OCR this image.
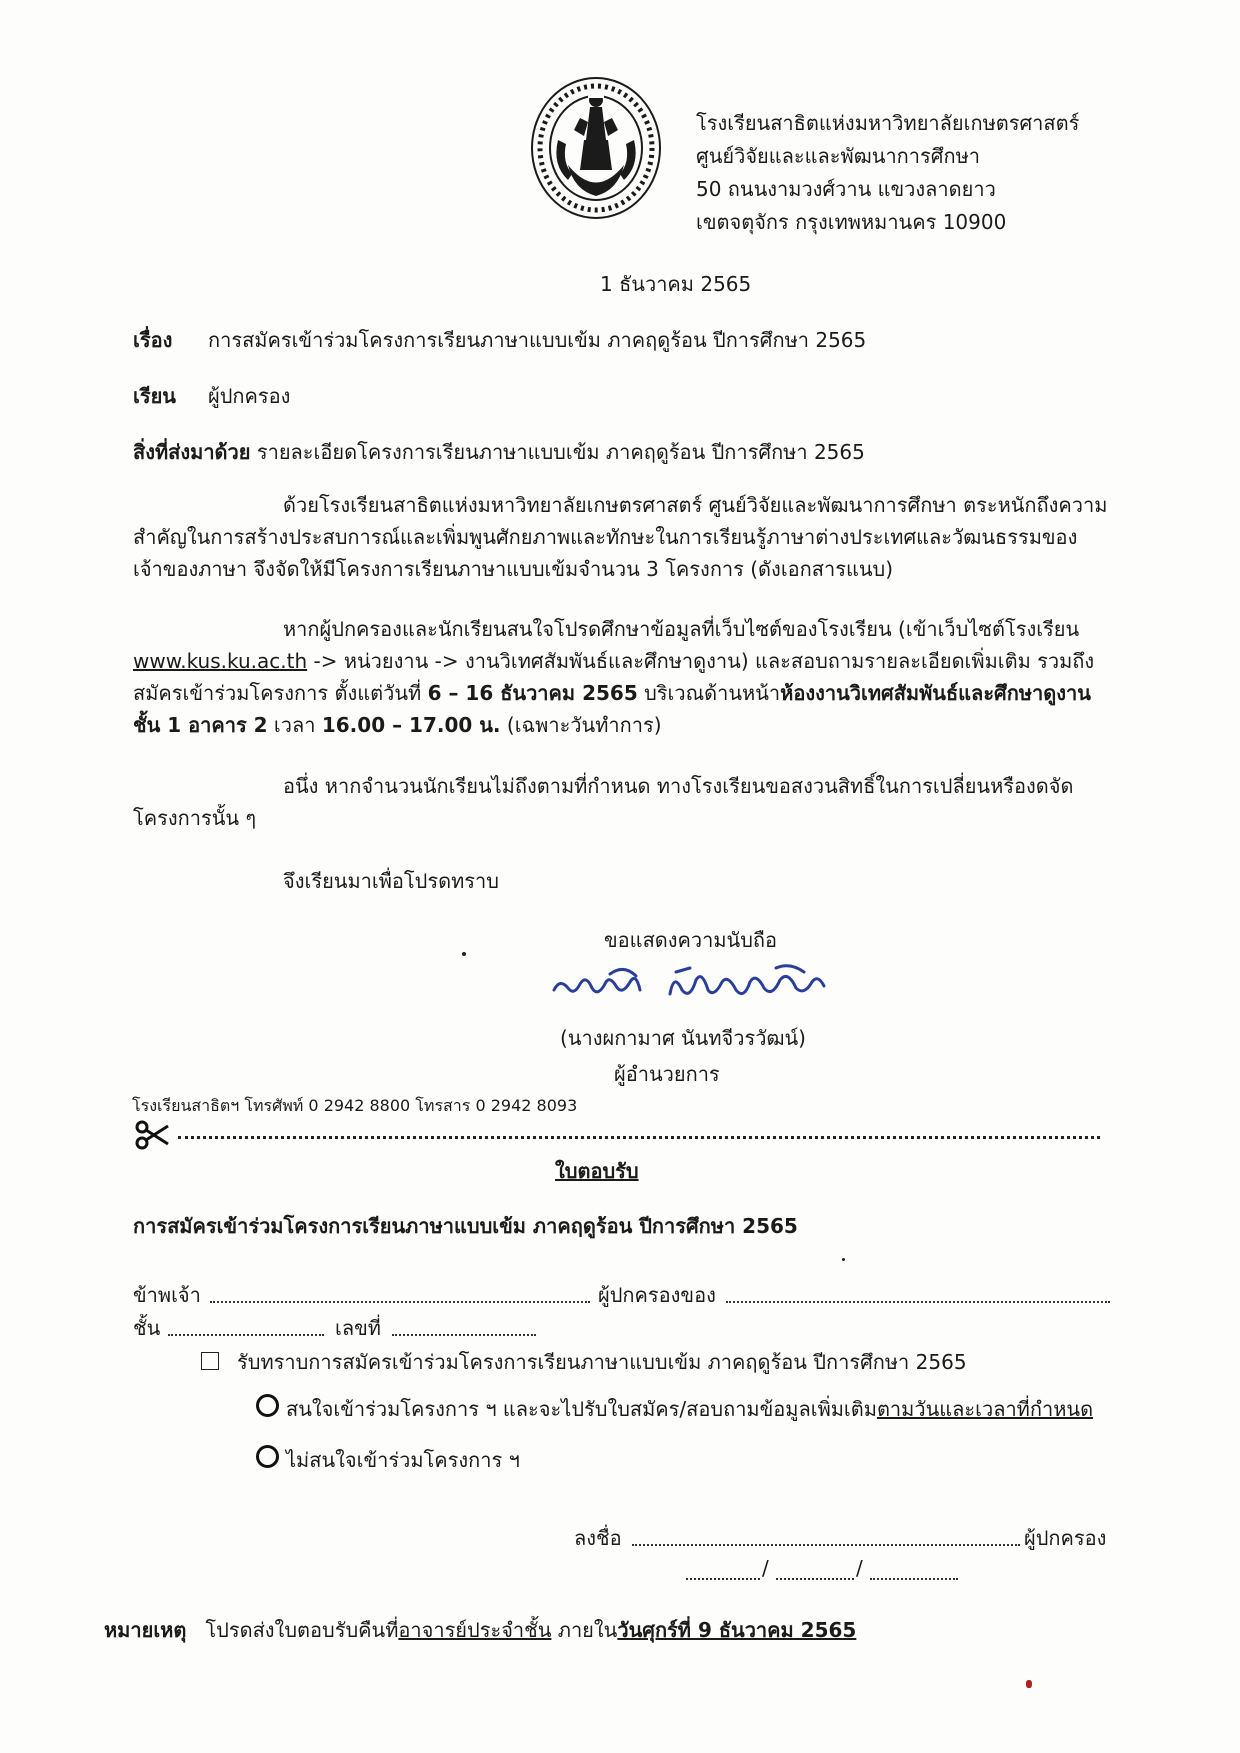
โรงเรียนสาธิตแห่งมหาวิทยาลัยเกษตรศาสตร์
ศูนย์วิจัยและและพัฒนาการศึกษา
50 ถนนงามวงศ์วาน แขวงลาดยาว
เขตจตุจักร กรุงเทพหมานคร 10900
1 ธันวาคม 2565
เรื่อง การสมัครเข้าร่วมโครงการเรียนภาษาแบบเข้ม ภาคฤดูร้อน ปีการศึกษา 2565
เรียน ผู้ปกครอง
สิ่งที่ส่งมาด้วย รายละเอียดโครงการเรียนภาษาแบบเข้ม ภาคฤดูร้อน ปีการศึกษา 2565
ด้วยโรงเรียนสาธิตแห่งมหาวิทยาลัยเกษตรศาสตร์ ศูนย์วิจัยและพัฒนาการศึกษา ตระหนักถึงความสำคัญในการสร้างประสบการณ์และเพิ่มพูนศักยภาพและทักษะในการเรียนรู้ภาษาต่างประเทศและวัฒนธรรมของเจ้าของภาษา จึงจัดให้มีโครงการเรียนภาษาแบบเข้มจำนวน 3 โครงการ (ดังเอกสารแนบ)
หากผู้ปกครองและนักเรียนสนใจโปรดศึกษาข้อมูลที่เว็บไซต์ของโรงเรียน (เข้าเว็บไซต์โรงเรียน www.kus.ku.ac.th -> หน่วยงาน -> งานวิเทศสัมพันธ์และศึกษาดูงาน) และสอบถามรายละเอียดเพิ่มเติม รวมถึงสมัครเข้าร่วมโครงการ ตั้งแต่วันที่ 6 – 16 ธันวาคม 2565 บริเวณด้านหน้าห้องงานวิเทศสัมพันธ์และศึกษาดูงาน ชั้น 1 อาคาร 2 เวลา 16.00 – 17.00 น. (เฉพาะวันทำการ)
อนึ่ง หากจำนวนนักเรียนไม่ถึงตามที่กำหนด ทางโรงเรียนขอสงวนสิทธิ์ในการเปลี่ยนหรืองดจัดโครงการนั้น ๆ
จึงเรียนมาเพื่อโปรดทราบ
ขอแสดงความนับถือ
(นางผกามาศ นันทจีวรวัฒน์)
ผู้อำนวยการ
โรงเรียนสาธิตฯ โทรศัพท์ 0 2942 8800 โทรสาร 0 2942 8093
ใบตอบรับ
การสมัครเข้าร่วมโครงการเรียนภาษาแบบเข้ม ภาคฤดูร้อน ปีการศึกษา 2565
ข้าพเจ้า	ผู้ปกครองของ
ชั้น	เลขที่
รับทราบการสมัครเข้าร่วมโครงการเรียนภาษาแบบเข้ม ภาคฤดูร้อน ปีการศึกษา 2565
สนใจเข้าร่วมโครงการ ฯ และจะไปรับใบสมัคร/สอบถามข้อมูลเพิ่มเติมตามวันและเวลาที่กำหนด
ไม่สนใจเข้าร่วมโครงการ ฯ
ลงชื่อ	ผู้ปกครอง
/	/
หมายเหตุ โปรดส่งใบตอบรับคืนที่อาจารย์ประจำชั้น ภายในวันศุกร์ที่ 9 ธันวาคม 2565
